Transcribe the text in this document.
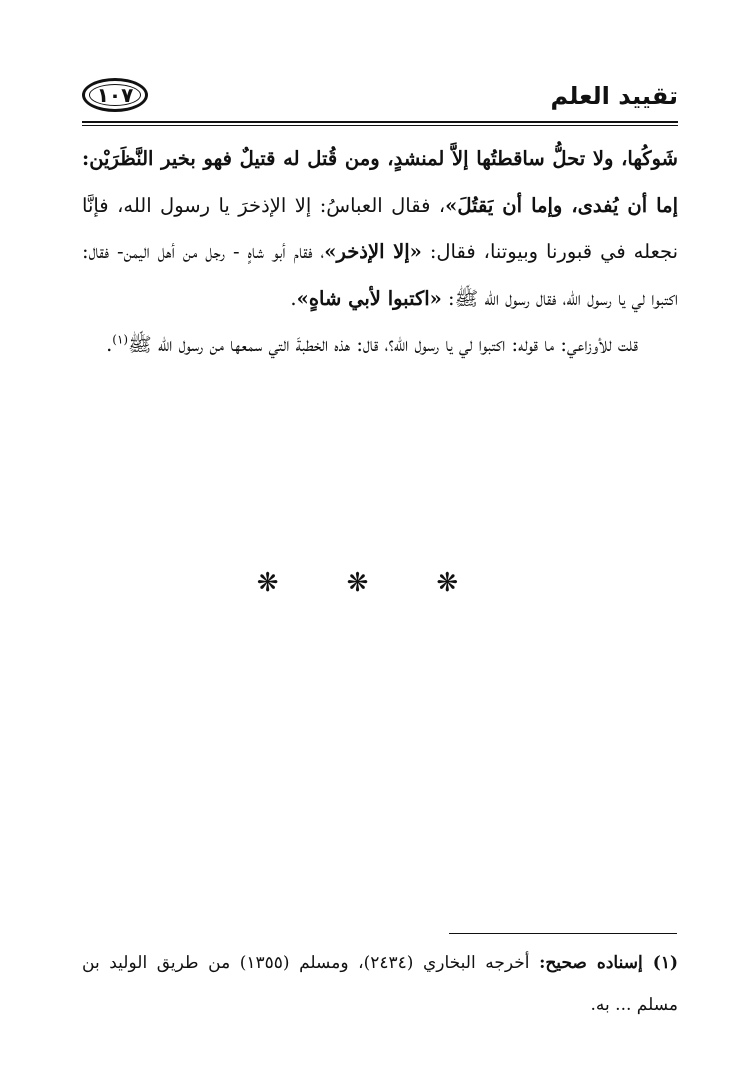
تقييد العلم
١٠٧

شَوكُها، ولا تحلُّ ساقطتُها إلاَّ لمنشدٍ، ومن قُتل له قتيلٌ فهو بخير النَّظَرَيْن: إما أن يُفدى، وإما أن يَقتُلَ»، فقال العباسُ: إلا الإذخرَ يا رسول الله، فإنَّا نجعله في قبورنا وبيوتنا، فقال: «إلا الإذخر»، فقام أبو شاهٍ - رجل من أهل اليمن- فقال: اكتبوا لي يا رسول الله، فقال رسول الله ﷺ: «اكتبوا لأبي شاهٍ».

قلت للأوزاعي: ما قوله: اكتبوا لي يا رسول الله؟، قال: هذه الخطبةَ التي سمعها من رسول الله ﷺ$^{(١)}$.

❋ ❋ ❋

(١) إسناده صحيح: أخرجه البخاري (٢٤٣٤)، ومسلم (١٣٥٥) من طريق الوليد بن مسلم ... به.
